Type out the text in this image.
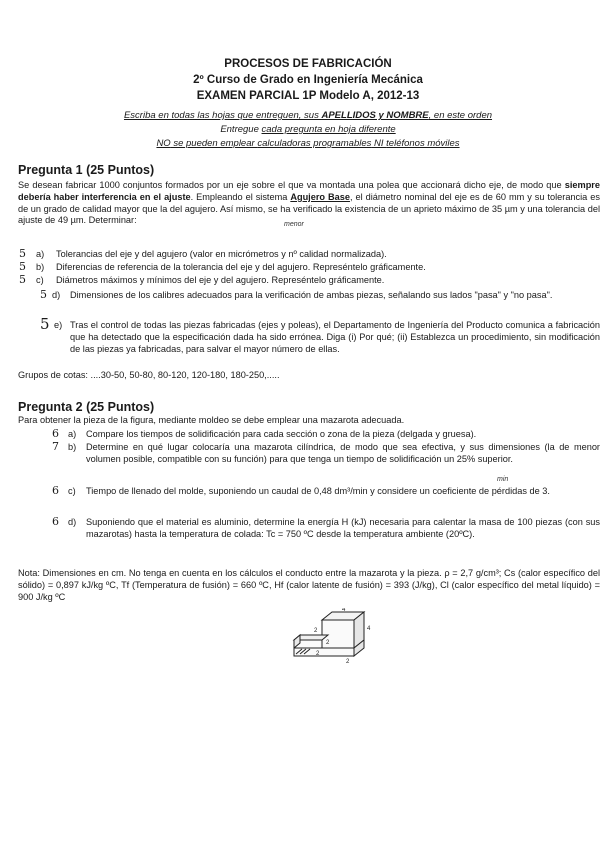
PROCESOS DE FABRICACIÓN
2º Curso de Grado en Ingeniería Mecánica
EXAMEN PARCIAL 1P Modelo A, 2012-13
Escriba en todas las hojas que entreguen, sus APELLIDOS y NOMBRE, en este orden
Entregue cada pregunta en hoja diferente
NO se pueden emplear calculadoras programables NI teléfonos móviles
Pregunta 1 (25 Puntos)
menor
Se desean fabricar 1000 conjuntos formados por un eje sobre el que va montada una polea que accionará dicho eje, de modo que siempre debería haber interferencia en el ajuste. Empleando el sistema Agujero Base, el diámetro nominal del eje es de 60 mm y su tolerancia es de un grado de calidad mayor que la del agujero. Así mismo, se ha verificado la existencia de un aprieto máximo de 35 µm y una tolerancia del ajuste de 49 µm. Determinar:
5 a) Tolerancias del eje y del agujero (valor en micrómetros y nº calidad normalizada).
5 b) Diferencias de referencia de la tolerancia del eje y del agujero. Represéntelo gráficamente.
5 c) Diámetros máximos y mínimos del eje y del agujero. Represéntelo gráficamente.
5 d) Dimensiones de los calibres adecuados para la verificación de ambas piezas, señalando sus lados "pasa" y "no pasa".
5 e) Tras el control de todas las piezas fabricadas (ejes y poleas), el Departamento de Ingeniería del Producto comunica a fabricación que ha detectado que la especificación dada ha sido errónea. Diga (i) Por qué; (ii) Establezca un procedimiento, sin modificación de las piezas ya fabricadas, para salvar el mayor número de ellas.
Grupos de cotas: ....30-50, 50-80, 80-120, 120-180, 180-250,.....
Pregunta 2 (25 Puntos)
Para obtener la pieza de la figura, mediante moldeo se debe emplear una mazarota adecuada.
6 a) Compare los tiempos de solidificación para cada sección o zona de la pieza (delgada y gruesa).
7 b) Determine en qué lugar colocaría una mazarota cilíndrica, de modo que sea efectiva, y sus dimensiones (la de menor volumen posible, compatible con su función) para que tenga un tiempo de solidificación un 25% superior.
min
6 c) Tiempo de llenado del molde, suponiendo un caudal de 0,48 dm³/min y considere un coeficiente de pérdidas de 3.
6 d) Suponiendo que el material es aluminio, determine la energía H (kJ) necesaria para calentar la masa de 100 piezas (con sus mazarotas) hasta la temperatura de colada: Tc = 750 ºC desde la temperatura ambiente (20ºC).
Nota: Dimensiones en cm. No tenga en cuenta en los cálculos el conducto entre la mazarota y la pieza. ρ = 2,7 g/cm³; Cs (calor específico del sólido) = 0,897 kJ/kg ºC, Tf (Temperatura de fusión) = 660 ºC, Hf (calor latente de fusión) = 393 (J/kg), Cl (calor específico del metal líquido) = 900 J/kg ºC
4
2
2
2
2
4
